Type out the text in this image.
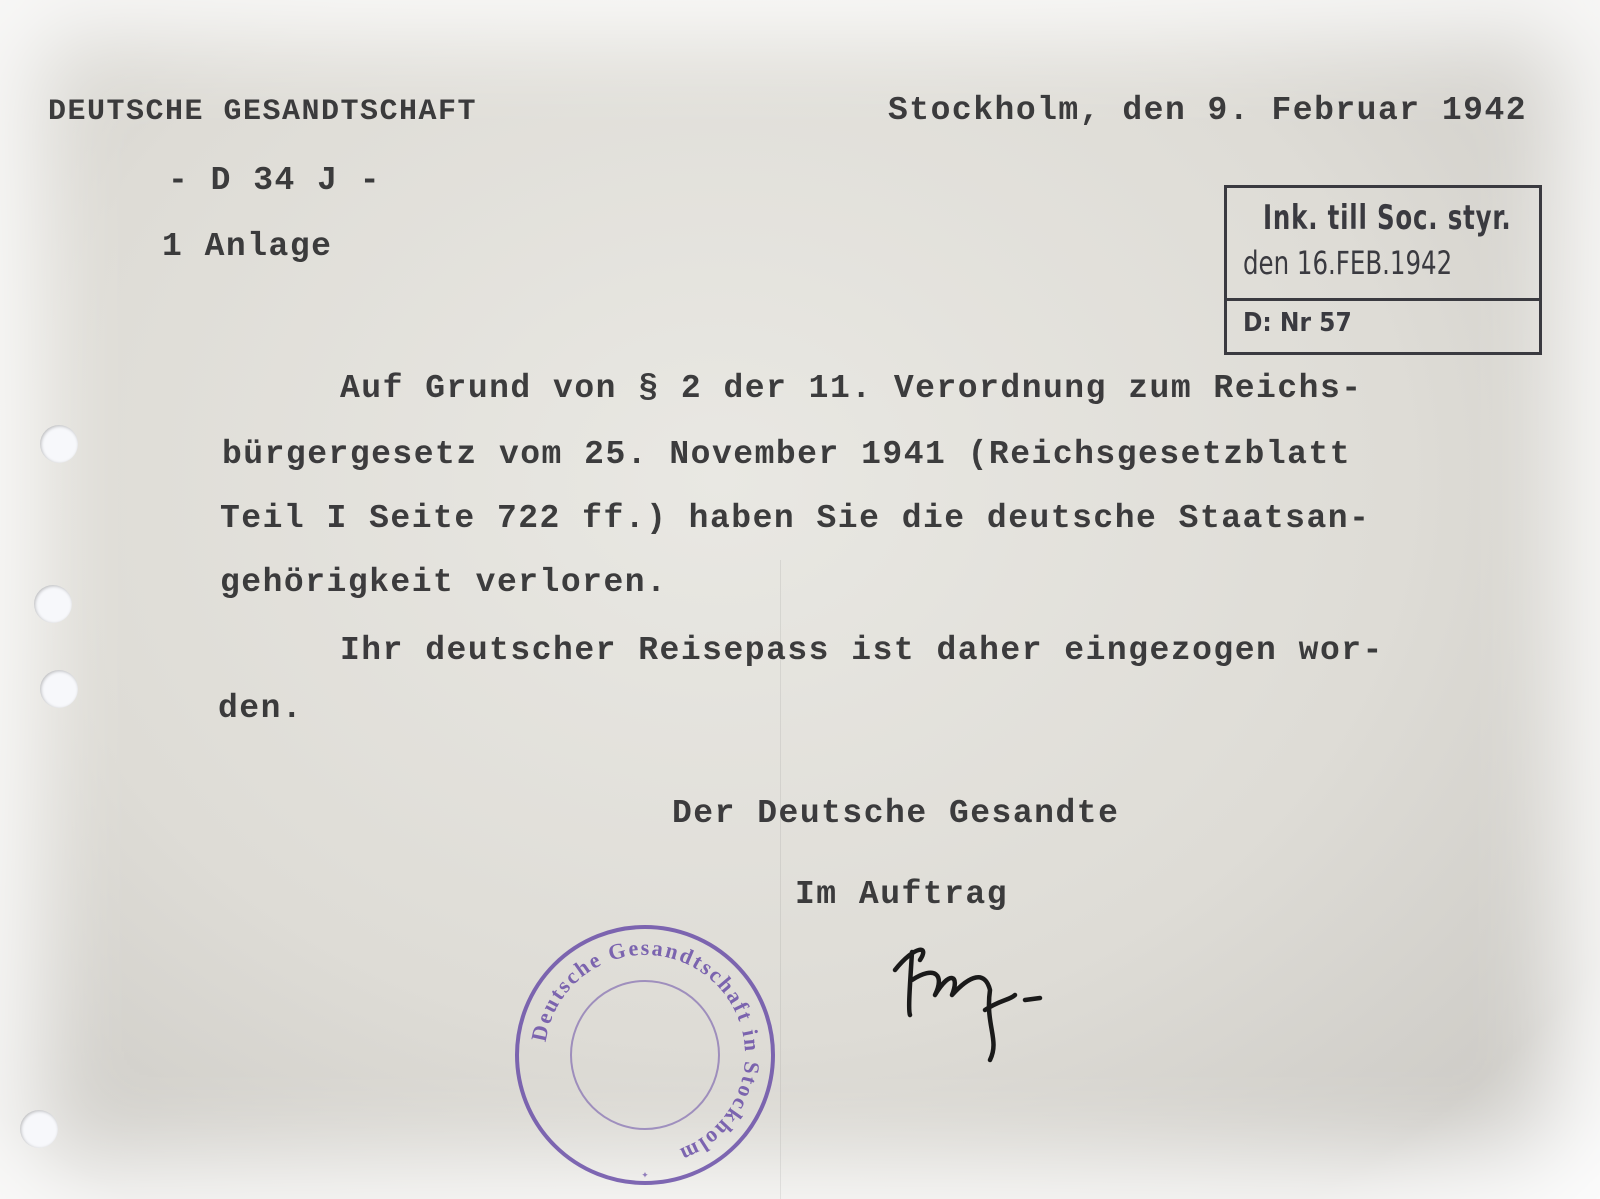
DEUTSCHE GESANDTSCHAFT	Stockholm, den 9. Februar 1942
- D 34 J -
1 Anlage
Ink. till Soc. styr.
den 16.FEB.1942
D: Nr 57
Auf Grund von § 2 der 11. Verordnung zum Reichs-
bürgergesetz vom 25. November 1941 (Reichsgesetzblatt
Teil I Seite 722 ff.) haben Sie die deutsche Staatsan-
gehörigkeit verloren.
Ihr deutscher Reisepass ist daher eingezogen wor-
den.
Der Deutsche Gesandte
Im Auftrag
Deutsche Gesandtschaft in Stockholm
✦
